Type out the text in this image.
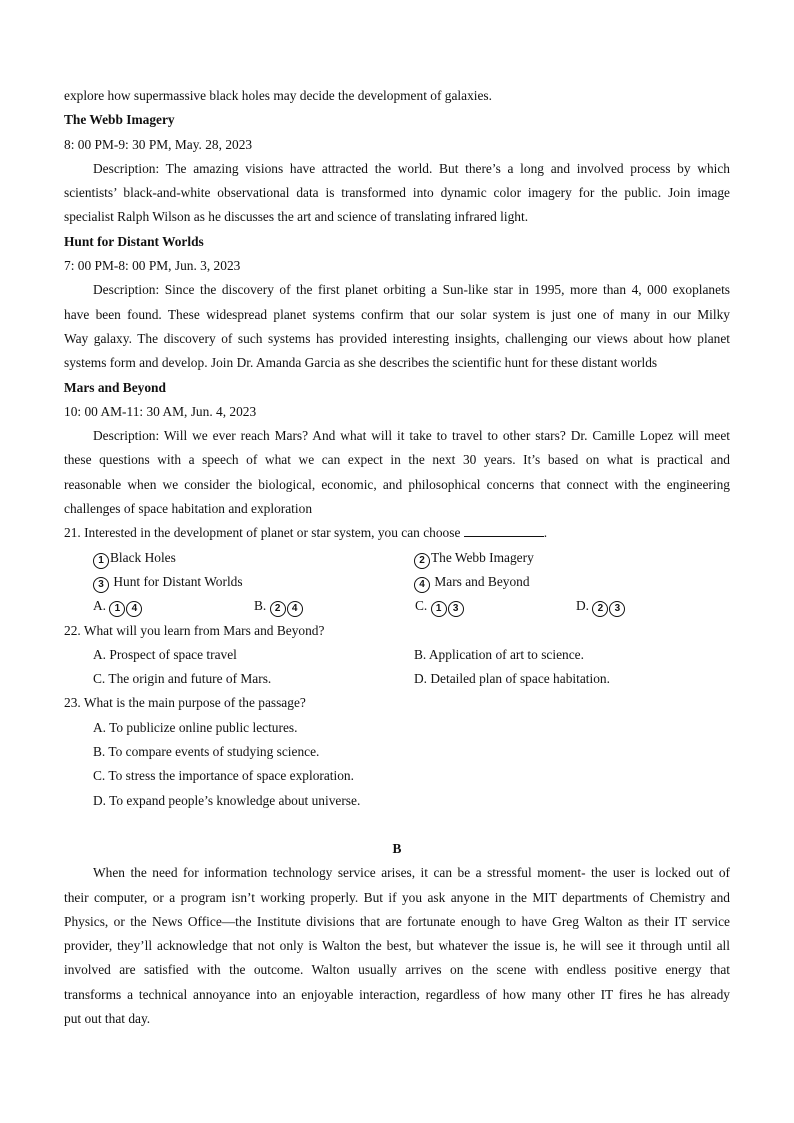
explore how supermassive black holes may decide the development of galaxies.

The Webb Imagery

8: 00 PM-9: 30 PM, May. 28, 2023

Description: The amazing visions have attracted the world. But there’s a long and involved process by which

scientists’ black-and-white observational data is transformed into dynamic color imagery for the public. Join image

specialist Ralph Wilson as he discusses the art and science of translating infrared light.

Hunt for Distant Worlds

7: 00 PM-8: 00 PM, Jun. 3, 2023

Description: Since the discovery of the first planet orbiting a Sun-like star in 1995, more than 4, 000 exoplanets

have been found. These widespread planet systems confirm that our solar system is just one of many in our Milky

Way galaxy. The discovery of such systems has provided interesting insights, challenging our views about how planet

systems form and develop. Join Dr. Amanda Garcia as she describes the scientific hunt for these distant worlds

Mars and Beyond

10: 00 AM-11: 30 AM, Jun. 4, 2023

Description: Will we ever reach Mars? And what will it take to travel to other stars? Dr. Camille Lopez will meet

these questions with a speech of what we can expect in the next 30 years. It’s based on what is practical and

reasonable when we consider the biological, economic, and philosophical concerns that connect with the engineering

challenges of space habitation and exploration

21. Interested in the development of planet or star system, you can choose	.

1 Black Holes	2 The Webb Imagery
3 Hunt for Distant Worlds	4 Mars and Beyond
A. 1 4	B. 2 4	C. 1 3	D. 2 3

22. What will you learn from Mars and Beyond?

A. Prospect of space travel	B. Application of art to science.
C. The origin and future of Mars.	D. Detailed plan of space habitation.

23. What is the main purpose of the passage?

A. To publicize online public lectures.

B. To compare events of studying science.

C. To stress the importance of space exploration.

D. To expand people’s knowledge about universe.

B

When the need for information technology service arises, it can be a stressful moment- the user is locked out of

their computer, or a program isn’t working properly. But if you ask anyone in the MIT departments of Chemistry and

Physics, or the News Office—the Institute divisions that are fortunate enough to have Greg Walton as their IT service

provider, they’ll acknowledge that not only is Walton the best, but whatever the issue is, he will see it through until all

involved are satisfied with the outcome. Walton usually arrives on the scene with endless positive energy that

transforms a technical annoyance into an enjoyable interaction, regardless of how many other IT fires he has already

put out that day.
